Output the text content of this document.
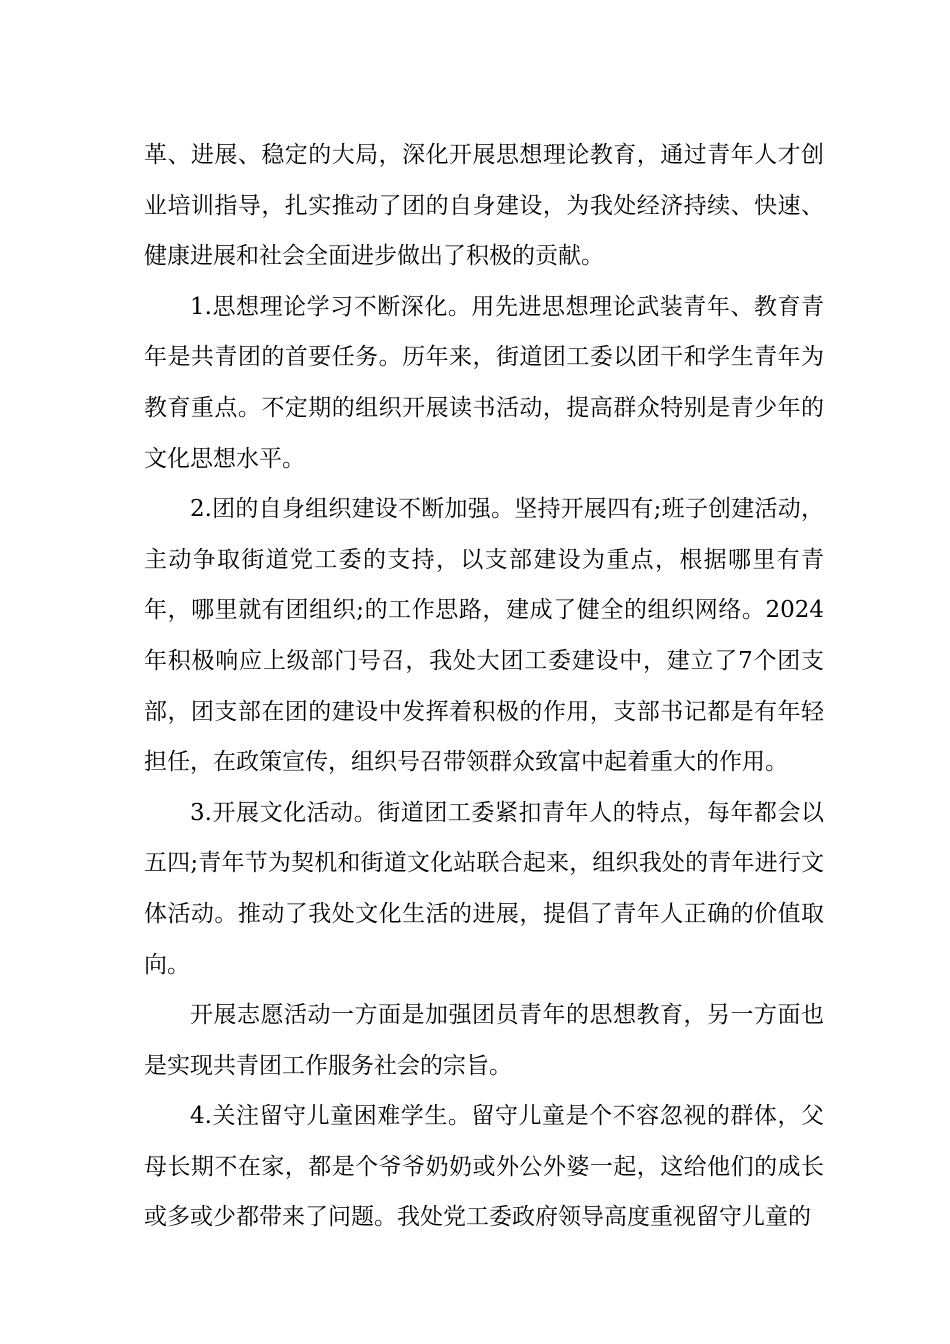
革、进展、稳定的大局，深化开展思想理论教育，通过青年人才创业培训指导，扎实推动了团的自身建设，为我处经济持续、快速、健康进展和社会全面进步做出了积极的贡献。

1.思想理论学习不断深化。用先进思想理论武装青年、教育青年是共青团的首要任务。历年来，街道团工委以团干和学生青年为教育重点。不定期的组织开展读书活动，提高群众特别是青少年的文化思想水平。

2.团的自身组织建设不断加强。坚持开展四有;班子创建活动，主动争取街道党工委的支持，以支部建设为重点，根据哪里有青年，哪里就有团组织;的工作思路，建成了健全的组织网络。2024年积极响应上级部门号召，我处大团工委建设中，建立了7个团支部，团支部在团的建设中发挥着积极的作用，支部书记都是有年轻担任，在政策宣传，组织号召带领群众致富中起着重大的作用。

3.开展文化活动。街道团工委紧扣青年人的特点，每年都会以五四;青年节为契机和街道文化站联合起来，组织我处的青年进行文体活动。推动了我处文化生活的进展，提倡了青年人正确的价值取向。

开展志愿活动一方面是加强团员青年的思想教育，另一方面也是实现共青团工作服务社会的宗旨。

4.关注留守儿童困难学生。留守儿童是个不容忽视的群体，父母长期不在家，都是个爷爷奶奶或外公外婆一起，这给他们的成长或多或少都带来了问题。我处党工委政府领导高度重视留守儿童的
